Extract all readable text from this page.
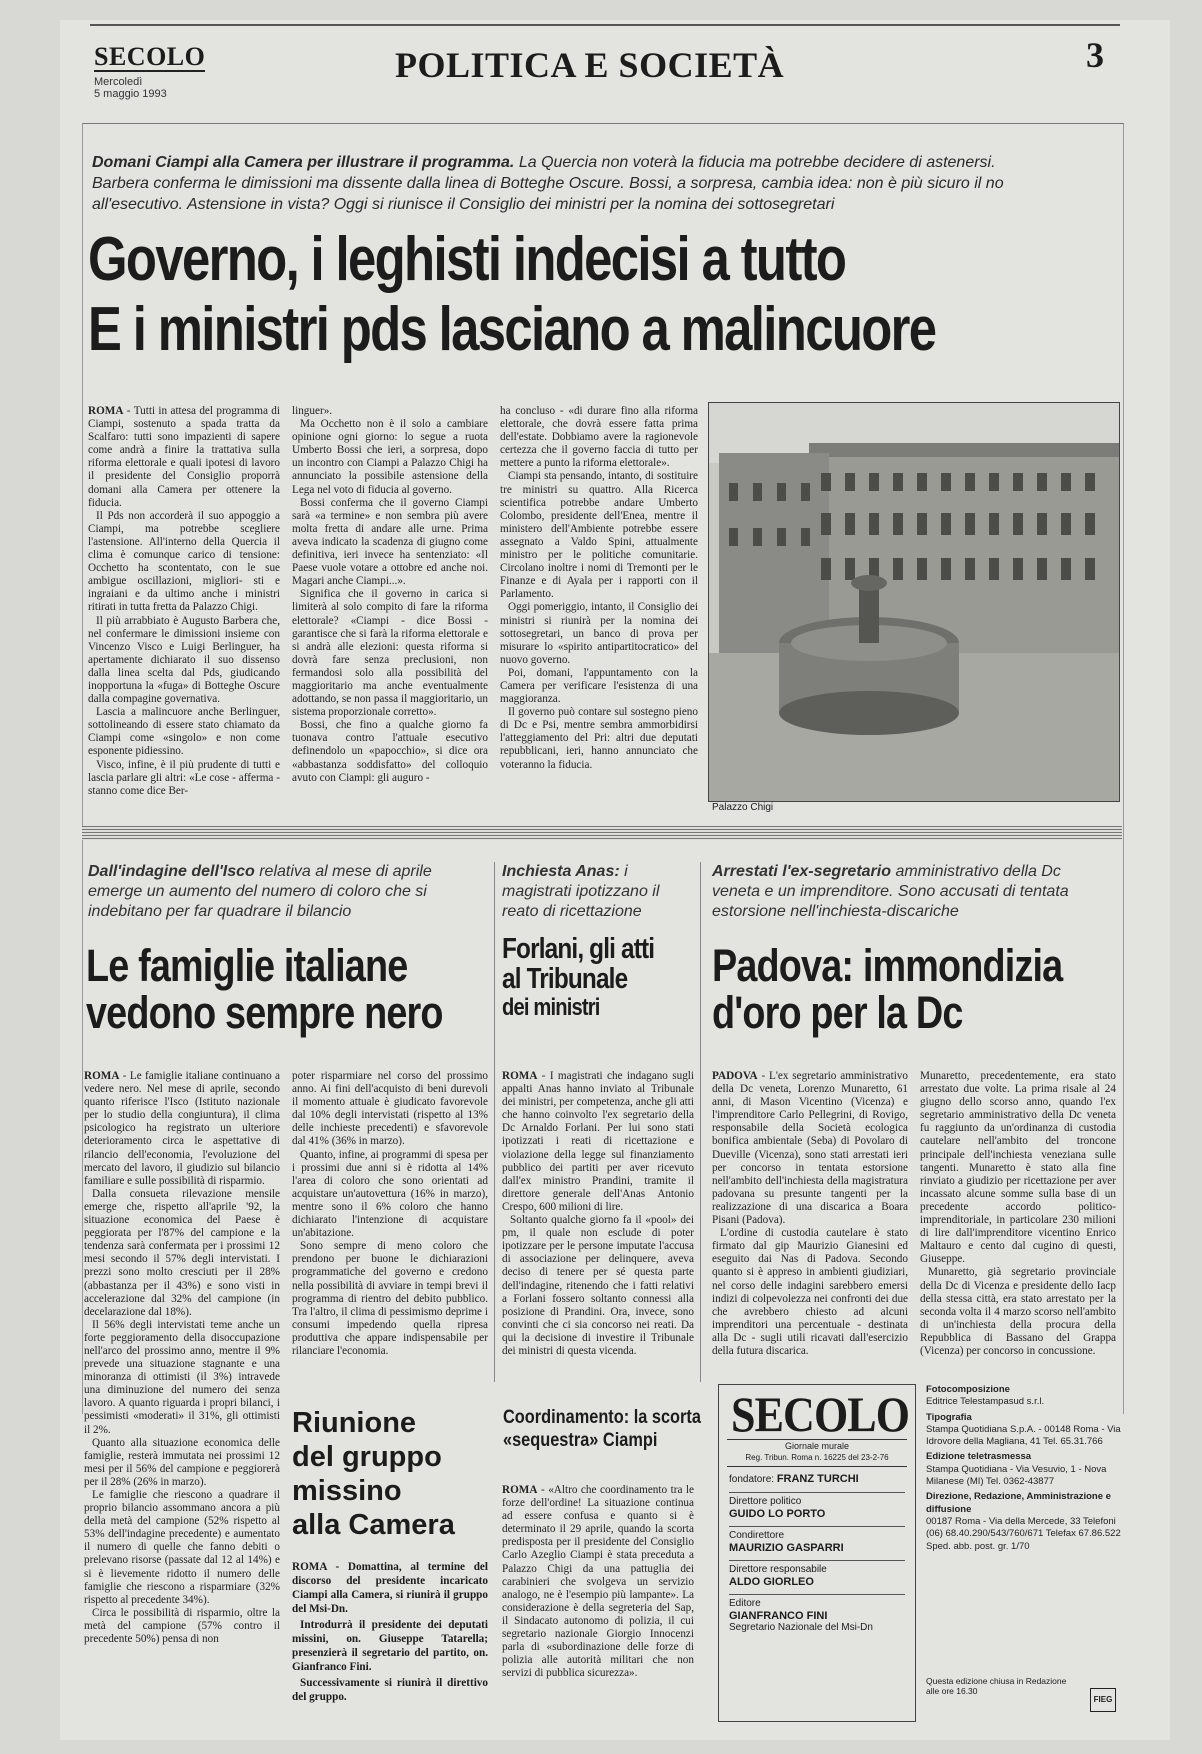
SECOLO
Mercoledì
5 maggio 1993
POLITICA E SOCIETÀ	3
Domani Ciampi alla Camera per illustrare il programma. La Quercia non voterà la fiducia ma potrebbe decidere di astenersi. Barbera conferma le dimissioni ma dissente dalla linea di Botteghe Oscure. Bossi, a sorpresa, cambia idea: non è più sicuro il no all'esecutivo. Astensione in vista? Oggi si riunisce il Consiglio dei ministri per la nomina dei sottosegretari
Governo, i leghisti indecisi a tutto
E i ministri pds lasciano a malincuore

ROMA - Tutti in attesa del programma di Ciampi, sostenuto a spada tratta da Scalfaro: tutti sono impazienti di sapere come andrà a finire la trattativa sulla riforma elettorale e quali ipotesi di lavoro il presidente del Consiglio proporrà domani alla Camera per ottenere la fiducia.

Il Pds non accorderà il suo appoggio a Ciampi, ma potrebbe scegliere l'astensione. All'interno della Quercia il clima è comunque carico di tensione: Occhetto ha scontentato, con le sue ambigue oscillazioni, migliori- sti e ingraiani e da ultimo anche i ministri ritirati in tutta fretta da Palazzo Chigi.

Il più arrabbiato è Augusto Barbera che, nel confermare le dimissioni insieme con Vincenzo Visco e Luigi Berlinguer, ha apertamente dichiarato il suo dissenso dalla linea scelta dal Pds, giudicando inopportuna la «fuga» di Botteghe Oscure dalla compagine governativa.

Lascia a malincuore anche Berlinguer, sottolineando di essere stato chiamato da Ciampi come «singolo» e non come esponente pidiessino.

Visco, infine, è il più prudente di tutti e lascia parlare gli altri: «Le cose - afferma - stanno come dice Ber-

linguer».

Ma Occhetto non è il solo a cambiare opinione ogni giorno: lo segue a ruota Umberto Bossi che ieri, a sorpresa, dopo un incontro con Ciampi a Palazzo Chigi ha annunciato la possibile astensione della Lega nel voto di fiducia al governo.

Bossi conferma che il governo Ciampi sarà «a termine» e non sembra più avere molta fretta di andare alle urne. Prima aveva indicato la scadenza di giugno come definitiva, ieri invece ha sentenziato: «Il Paese vuole votare a ottobre ed anche noi. Magari anche Ciampi...».

Significa che il governo in carica si limiterà al solo compito di fare la riforma elettorale? «Ciampi - dice Bossi - garantisce che si farà la riforma elettorale e si andrà alle elezioni: questa riforma si dovrà fare senza preclusioni, non fermandosi solo alla possibilità del maggioritario ma anche eventualmente adottando, se non passa il maggioritario, un sistema proporzionale corretto».

Bossi, che fino a qualche giorno fa tuonava contro l'attuale esecutivo definendolo un «papocchio», si dice ora «abbastanza soddisfatto» del colloquio avuto con Ciampi: gli auguro -

ha concluso - «di durare fino alla riforma elettorale, che dovrà essere fatta prima dell'estate. Dobbiamo avere la ragionevole certezza che il governo faccia di tutto per mettere a punto la riforma elettorale».

Ciampi sta pensando, intanto, di sostituire tre ministri su quattro. Alla Ricerca scientifica potrebbe andare Umberto Colombo, presidente dell'Enea, mentre il ministero dell'Ambiente potrebbe essere assegnato a Valdo Spini, attualmente ministro per le politiche comunitarie. Circolano inoltre i nomi di Tremonti per le Finanze e di Ayala per i rapporti con il Parlamento.

Oggi pomeriggio, intanto, il Consiglio dei ministri si riunirà per la nomina dei sottosegretari, un banco di prova per misurare lo «spirito antipartitocratico» del nuovo governo.

Poi, domani, l'appuntamento con la Camera per verificare l'esistenza di una maggioranza.

Il governo può contare sul sostegno pieno di Dc e Psi, mentre sembra ammorbidirsi l'atteggiamento del Pri: altri due deputati repubblicani, ieri, hanno annunciato che voteranno la fiducia.

Palazzo Chigi
Dall'indagine dell'Isco relativa al mese di aprile emerge un aumento del numero di coloro che si indebitano per far quadrare il bilancio
Le famiglie italiane
vedono sempre nero

ROMA - Le famiglie italiane continuano a vedere nero. Nel mese di aprile, secondo quanto riferisce l'Isco (Istituto nazionale per lo studio della congiuntura), il clima psicologico ha registrato un ulteriore deterioramento circa le aspettative di rilancio dell'economia, l'evoluzione del mercato del lavoro, il giudizio sul bilancio familiare e sulle possibilità di risparmio.

Dalla consueta rilevazione mensile emerge che, rispetto all'aprile '92, la situazione economica del Paese è peggiorata per l'87% del campione e la tendenza sarà confermata per i prossimi 12 mesi secondo il 57% degli intervistati. I prezzi sono molto cresciuti per il 28% (abbastanza per il 43%) e sono visti in accelerazione dal 32% del campione (in decelarazione dal 18%).

Il 56% degli intervistati teme anche un forte peggioramento della disoccupazione nell'arco del prossimo anno, mentre il 9% prevede una situazione stagnante e una minoranza di ottimisti (il 3%) intravede una diminuzione del numero dei senza lavoro. A quanto riguarda i propri bilanci, i pessimisti «moderati» il 31%, gli ottimisti il 2%.

Quanto alla situazione economica delle famiglie, resterà immutata nei prossimi 12 mesi per il 56% del campione e peggiorerà per il 28% (26% in marzo).

Le famiglie che riescono a quadrare il proprio bilancio assommano ancora a più della metà del campione (52% rispetto al 53% dell'indagine precedente) e aumentato il numero di quelle che fanno debiti o prelevano risorse (passate dal 12 al 14%) e si è lievemente ridotto il numero delle famiglie che riescono a risparmiare (32% rispetto al precedente 34%).

Circa le possibilità di risparmio, oltre la metà del campione (57% contro il precedente 50%) pensa di non

poter risparmiare nel corso del prossimo anno. Ai fini dell'acquisto di beni durevoli il momento attuale è giudicato favorevole dal 10% degli intervistati (rispetto al 13% delle inchieste precedenti) e sfavorevole dal 41% (36% in marzo).

Quanto, infine, ai programmi di spesa per i prossimi due anni si è ridotta al 14% l'area di coloro che sono orientati ad acquistare un'autovettura (16% in marzo), mentre sono il 6% coloro che hanno dichiarato l'intenzione di acquistare un'abitazione.

Sono sempre di meno coloro che prendono per buone le dichiarazioni programmatiche del governo e credono nella possibilità di avviare in tempi brevi il programma di rientro del debito pubblico. Tra l'altro, il clima di pessimismo deprime i consumi impedendo quella ripresa produttiva che appare indispensabile per rilanciare l'economia.

Inchiesta Anas: i magistrati ipotizzano il reato di ricettazione
Forlani, gli atti
al Tribunale
dei ministri

ROMA - I magistrati che indagano sugli appalti Anas hanno inviato al Tribunale dei ministri, per competenza, anche gli atti che hanno coinvolto l'ex segretario della Dc Arnaldo Forlani. Per lui sono stati ipotizzati i reati di ricettazione e violazione della legge sul finanziamento pubblico dei partiti per aver ricevuto dall'ex ministro Prandini, tramite il direttore generale dell'Anas Antonio Crespo, 600 milioni di lire.

Soltanto qualche giorno fa il «pool» dei pm, il quale non esclude di poter ipotizzare per le persone imputate l'accusa di associazione per delinquere, aveva deciso di tenere per sé questa parte dell'indagine, ritenendo che i fatti relativi a Forlani fossero soltanto connessi alla posizione di Prandini. Ora, invece, sono convinti che ci sia concorso nei reati. Da qui la decisione di investire il Tribunale dei ministri di questa vicenda.

Arrestati l'ex-segretario amministrativo della Dc veneta e un imprenditore. Sono accusati di tentata estorsione nell'inchiesta-discariche
Padova: immondizia
d'oro per la Dc

PADOVA - L'ex segretario amministrativo della Dc veneta, Lorenzo Munaretto, 61 anni, di Mason Vicentino (Vicenza) e l'imprenditore Carlo Pellegrini, di Rovigo, responsabile della Società ecologica bonifica ambientale (Seba) di Povolaro di Dueville (Vicenza), sono stati arrestati ieri per concorso in tentata estorsione nell'ambito dell'inchiesta della magistratura padovana su presunte tangenti per la realizzazione di una discarica a Boara Pisani (Padova).

L'ordine di custodia cautelare è stato firmato dal gip Maurizio Gianesini ed eseguito dai Nas di Padova. Secondo quanto si è appreso in ambienti giudiziari, nel corso delle indagini sarebbero emersi indizi di colpevolezza nei confronti dei due che avrebbero chiesto ad alcuni imprenditori una percentuale - destinata alla Dc - sugli utili ricavati dall'esercizio della futura discarica.

Munaretto, precedentemente, era stato arrestato due volte. La prima risale al 24 giugno dello scorso anno, quando l'ex segretario amministrativo della Dc veneta fu raggiunto da un'ordinanza di custodia cautelare nell'ambito del troncone principale dell'inchiesta veneziana sulle tangenti. Munaretto è stato alla fine rinviato a giudizio per ricettazione per aver incassato alcune somme sulla base di un precedente accordo politico-imprenditoriale, in particolare 230 milioni di lire dall'imprenditore vicentino Enrico Maltauro e cento dal cugino di questi, Giuseppe.

Munaretto, già segretario provinciale della Dc di Vicenza e presidente dello Iacp della stessa città, era stato arrestato per la seconda volta il 4 marzo scorso nell'ambito di un'inchiesta della procura della Repubblica di Bassano del Grappa (Vicenza) per concorso in concussione.

Riunione
del gruppo
missino
alla Camera

ROMA - Domattina, al termine del discorso del presidente incaricato Ciampi alla Camera, si riunirà il gruppo del Msi-Dn.

Introdurrà il presidente dei deputati missini, on. Giuseppe Tatarella; presenzierà il segretario del partito, on. Gianfranco Fini.

Successivamente si riunirà il direttivo del gruppo.

Coordinamento: la scorta
«sequestra» Ciampi

ROMA - «Altro che coordinamento tra le forze dell'ordine! La situazione continua ad essere confusa e quanto si è determinato il 29 aprile, quando la scorta predisposta per il presidente del Consiglio Carlo Azeglio Ciampi è stata preceduta a Palazzo Chigi da una pattuglia dei carabinieri che svolgeva un servizio analogo, ne è l'esempio più lampante». La considerazione è della segreteria del Sap, il Sindacato autonomo di polizia, il cui segretario nazionale Giorgio Innocenzi parla di «subordinazione delle forze di polizia alle autorità militari che non servizi di pubblica sicurezza».

SECOLO
Giornale murale
Reg. Tribun. Roma n. 16225 del 23-2-76
fondatore: FRANZ TURCHI
Direttore politico
GUIDO LO PORTO
Condirettore
MAURIZIO GASPARRI
Direttore responsabile
ALDO GIORLEO
Editore
GIANFRANCO FINI
Segretario Nazionale del Msi-Dn

Fotocomposizione
Editrice Telestampasud s.r.l.

Tipografia
Stampa Quotidiana S.p.A. - 00148 Roma - Via Idrovore della Magliana, 41 Tel. 65.31.766

Edizione teletrasmessa
Stampa Quotidiana - Via Vesuvio, 1 - Nova Milanese (MI) Tel. 0362-43877

Direzione, Redazione, Amministrazione e diffusione
00187 Roma - Via della Mercede, 33 Telefoni (06) 68.40.290/543/760/671 Telefax 67.86.522 Sped. abb. post. gr. 1/70

Questa edizione chiusa in Redazione alle ore 16.30
FIEG
